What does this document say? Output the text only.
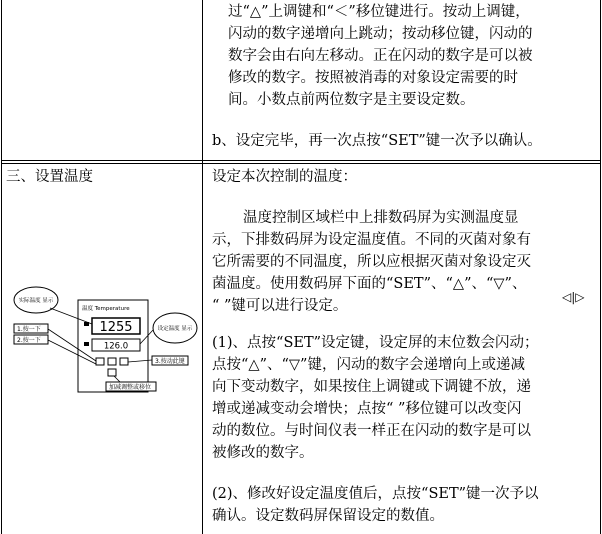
过“△”上调键和“＜”移位键进行。按动上调键，

闪动的数字递增向上跳动；按动移位键，闪动的

数字会由右向左移动。正在闪动的数字是可以被

修改的数字。按照被消毒的对象设定需要的时

间。小数点前两位数字是主要设定数。

b、设定完毕，再一次点按“SET”键一次予以确认。

三、设置温度	设定本次控制的温度：

温度控制区域栏中上排数码屏为实测温度显

示，下排数码屏为设定温度值。不同的灭菌对象有

它所需要的不同温度，所以应根据灭菌对象设定灭

菌温度。使用数码屏下面的“SET”、“△”、“▽”、

“ ”键可以进行设定。

◁|▷

(1)、点按“SET”设定键，设定屏的末位数会闪动；

点按“△”、“▽”键，闪动的数字会递增向上或递减

向下变动数字，如果按住上调键或下调键不放，递

增或递减变动会增快；点按“ ”移位键可以改变闪

动的数位。与时间仪表一样正在闪动的数字是可以

被修改的数字。

(2)、修改好设定温度值后，点按“SET”键一次予以

确认。设定数码屏保留设定的数值。

实际温度 显示
设定温度 显示
温度 Temperature
1255
126.0
1.按一下
2.按一下
3.按动此键
加减调整或移位
